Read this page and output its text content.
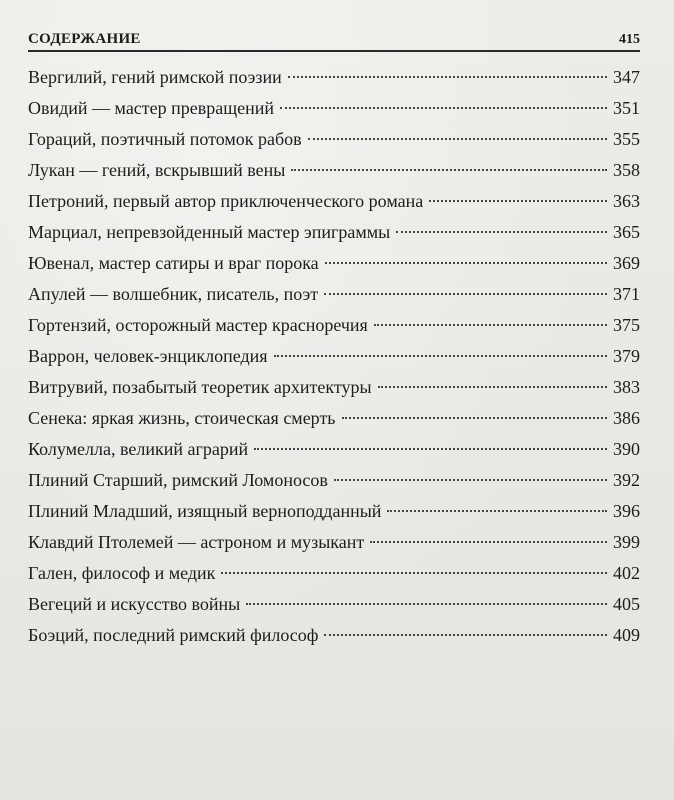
СОДЕРЖАНИЕ	415
Вергилий, гений римской поэзии	347
Овидий — мастер превращений	351
Гораций, поэтичный потомок рабов	355
Лукан — гений, вскрывший вены	358
Петроний, первый автор приключенческого романа	363
Марциал, непревзойденный мастер эпиграммы	365
Ювенал, мастер сатиры и враг порока	369
Апулей — волшебник, писатель, поэт	371
Гортензий, осторожный мастер красноречия	375
Варрон, человек-энциклопедия	379
Витрувий, позабытый теоретик архитектуры	383
Сенека: яркая жизнь, стоическая смерть	386
Колумелла, великий аграрий	390
Плиний Старший, римский Ломоносов	392
Плиний Младший, изящный верноподданный	396
Клавдий Птолемей — астроном и музыкант	399
Гален, философ и медик	402
Вегеций и искусство войны	405
Боэций, последний римский философ	409
